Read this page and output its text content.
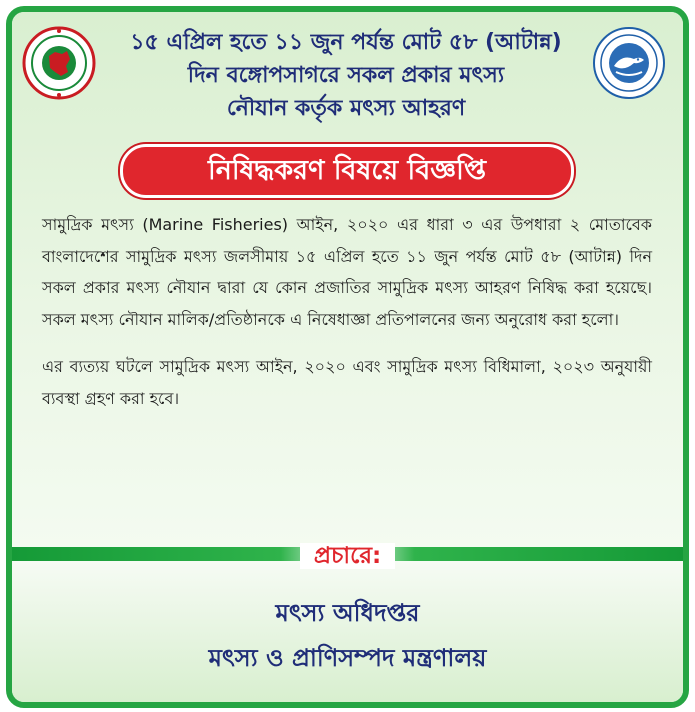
১৫ এপ্রিল হতে ১১ জুন পর্যন্ত মোট ৫৮ (আটান্ন)
দিন বঙ্গোপসাগরে সকল প্রকার মৎস্য
নৌযান কর্তৃক মৎস্য আহরণ
নিষিদ্ধকরণ বিষয়ে বিজ্ঞপ্তি
সামুদ্রিক মৎস্য (Marine Fisheries) আইন, ২০২০ এর ধারা ৩ এর উপধারা ২ মোতাবেক বাংলাদেশের সামুদ্রিক মৎস্য জলসীমায় ১৫ এপ্রিল হতে ১১ জুন পর্যন্ত মোট ৫৮ (আটান্ন) দিন সকল প্রকার মৎস্য নৌযান দ্বারা যে কোন প্রজাতির সামুদ্রিক মৎস্য আহরণ নিষিদ্ধ করা হয়েছে। সকল মৎস্য নৌযান মালিক/প্রতিষ্ঠানকে এ নিষেধাজ্ঞা প্রতিপালনের জন্য অনুরোধ করা হলো।
এর ব্যত্যয় ঘটলে সামুদ্রিক মৎস্য আইন, ২০২০ এবং সামুদ্রিক মৎস্য বিধিমালা, ২০২৩ অনুযায়ী ব্যবস্থা গ্রহণ করা হবে।
প্রচারে:
মৎস্য অধিদপ্তর
মৎস্য ও প্রাণিসম্পদ মন্ত্রণালয়
